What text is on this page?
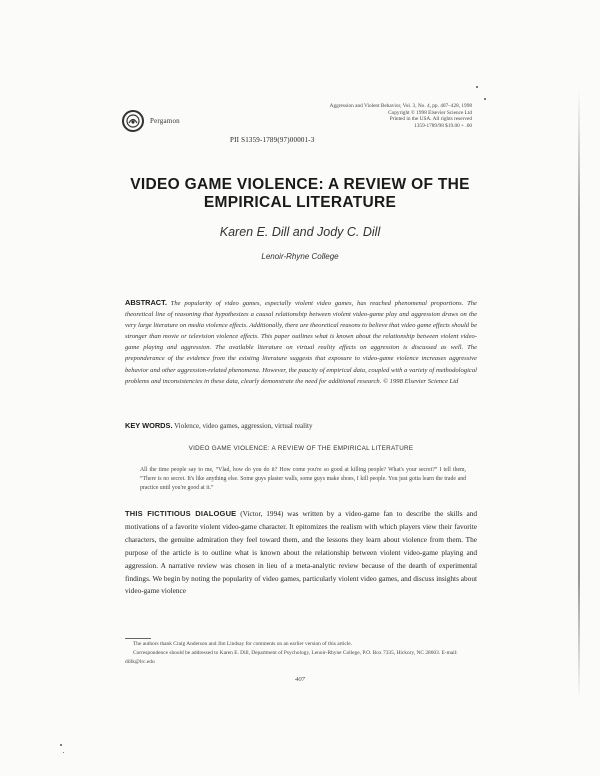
Pergamon
Aggression and Violent Behavior, Vol. 3, No. 4, pp. 407–428, 1998
Copyright © 1998 Elsevier Science Ltd
Printed in the USA. All rights reserved
1359-1789/98 $19.00 + .00
PII S1359-1789(97)00001-3
VIDEO GAME VIOLENCE: A REVIEW OF THE EMPIRICAL LITERATURE
Karen E. Dill and Jody C. Dill
Lenoir-Rhyne College
ABSTRACT. The popularity of video games, especially violent video games, has reached phenomenal proportions. The theoretical line of reasoning that hypothesizes a causal relationship between violent video-game play and aggression draws on the very large literature on media violence effects. Additionally, there are theoretical reasons to believe that video game effects should be stronger than movie or television violence effects. This paper outlines what is known about the relationship between violent video-game playing and aggression. The available literature on virtual reality effects on aggression is discussed as well. The preponderance of the evidence from the existing literature suggests that exposure to video-game violence increases aggressive behavior and other aggression-related phenomena. However, the paucity of empirical data, coupled with a variety of methodological problems and inconsistencies in these data, clearly demonstrate the need for additional research. © 1998 Elsevier Science Ltd
KEY WORDS. Violence, video games, aggression, virtual reality
VIDEO GAME VIOLENCE: A REVIEW OF THE EMPIRICAL LITERATURE
All the time people say to me, “Vlad, how do you do it? How come you're so good at killing people? What's your secret?” I tell them, “There is no secret. It's like anything else. Some guys plaster walls, some guys make shoes, I kill people. You just gotta learn the trade and practice until you're good at it.”
THIS FICTITIOUS DIALOGUE (Victor, 1994) was written by a video-game fan to describe the skills and motivations of a favorite violent video-game character. It epitomizes the realism with which players view their favorite characters, the genuine admiration they feel toward them, and the lessons they learn about violence from them. The purpose of the article is to outline what is known about the relationship between violent video-game playing and aggression. A narrative review was chosen in lieu of a meta-analytic review because of the dearth of experimental findings. We begin by noting the popularity of video games, particularly violent video games, and discuss insights about video-game violence

The authors thank Craig Anderson and Jim Lindsay for comments on an earlier version of this article.

Correspondence should be addressed to Karen E. Dill, Department of Psychology, Lenoir-Rhyne College, P.O. Box 7335, Hickory, NC 28603. E-mail: dillk@lrc.edu

407
